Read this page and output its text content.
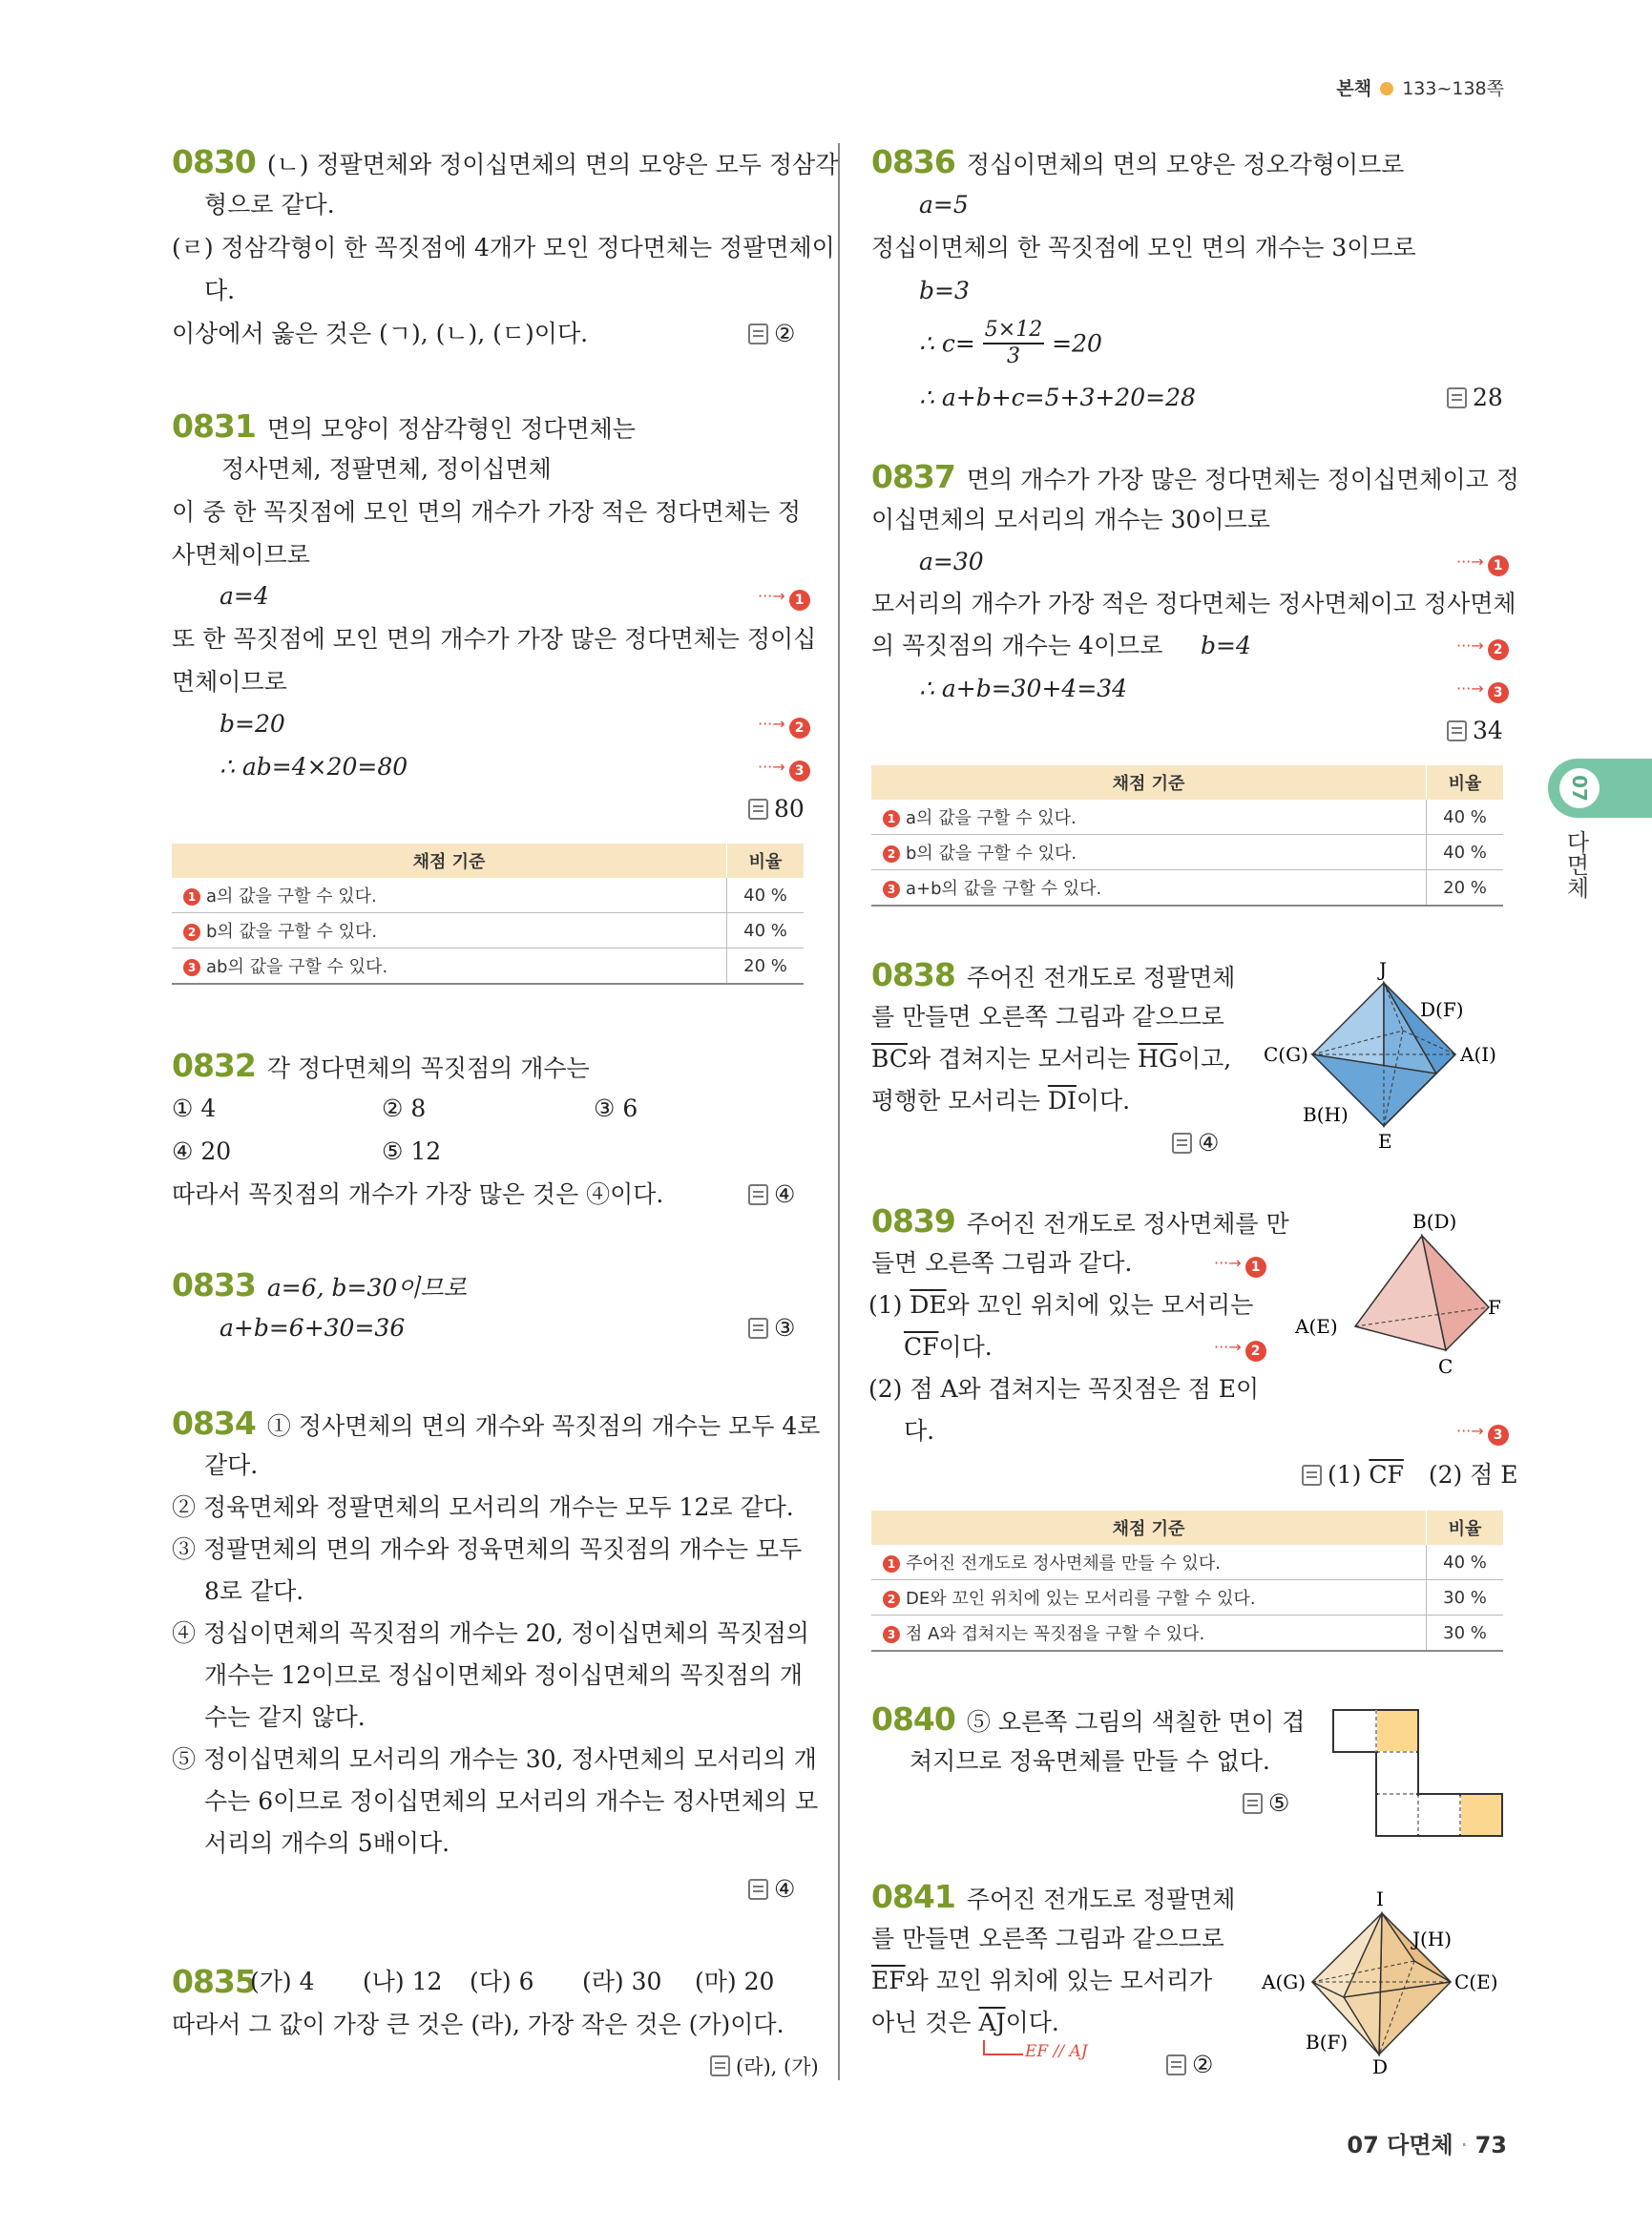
본책 133~138쪽
07
다면체
0830 (ㄴ) 정팔면체와 정이십면체의 면의 모양은 모두 정삼각
형으로 같다.
(ㄹ) 정삼각형이 한 꼭짓점에 4개가 모인 정다면체는 정팔면체이
다.
이상에서 옳은 것은 (ㄱ), (ㄴ), (ㄷ)이다.	②
0831 면의 모양이 정삼각형인 정다면체는
정사면체, 정팔면체, 정이십면체
이 중 한 꼭짓점에 모인 면의 개수가 가장 적은 정다면체는 정
사면체이므로
a=4	···→ 1
또 한 꼭짓점에 모인 면의 개수가 가장 많은 정다면체는 정이십
면체이므로
b=20	···→ 2
∴ ab=4×20=80	···→ 3
80
채점 기준	비율
1 a의 값을 구할 수 있다.	40 %
2 b의 값을 구할 수 있다.	40 %
3 ab의 값을 구할 수 있다.	20 %
0832 각 정다면체의 꼭짓점의 개수는
① 4	② 8	③ 6
④ 20	⑤ 12
따라서 꼭짓점의 개수가 가장 많은 것은 ④이다.	④
0833 a=6, b=30이므로
a+b=6+30=36	③
0834 ① 정사면체의 면의 개수와 꼭짓점의 개수는 모두 4로
같다.
② 정육면체와 정팔면체의 모서리의 개수는 모두 12로 같다.
③ 정팔면체의 면의 개수와 정육면체의 꼭짓점의 개수는 모두
8로 같다.
④ 정십이면체의 꼭짓점의 개수는 20, 정이십면체의 꼭짓점의
개수는 12이므로 정십이면체와 정이십면체의 꼭짓점의 개
수는 같지 않다.
⑤ 정이십면체의 모서리의 개수는 30, 정사면체의 모서리의 개
수는 6이므로 정이십면체의 모서리의 개수는 정사면체의 모
서리의 개수의 5배이다.
④
0835
(가) 4 (나) 12 (다) 6 (라) 30 (마) 20
따라서 그 값이 가장 큰 것은 (라), 가장 작은 것은 (가)이다.
(라), (가)
0836 정십이면체의 면의 모양은 정오각형이므로
a=5
정십이면체의 한 꼭짓점에 모인 면의 개수는 3이므로
b=3
∴ $c= \frac{5\times 12}{3} =20$
∴ a+b+c=5+3+20=28	28
0837 면의 개수가 가장 많은 정다면체는 정이십면체이고 정
이십면체의 모서리의 개수는 30이므로
a=30	···→ 1
모서리의 개수가 가장 적은 정다면체는 정사면체이고 정사면체
의 꼭짓점의 개수는 4이므로 b=4	···→ 2
∴ a+b=30+4=34	···→ 3
34
채점 기준	비율
1 a의 값을 구할 수 있다.	40 %
2 b의 값을 구할 수 있다.	40 %
3 a+b의 값을 구할 수 있다.	20 %
0838 주어진 전개도로 정팔면체
를 만들면 오른쪽 그림과 같으므로
$\overline{BC}$와 겹쳐지는 모서리는 $\overline{HG}$이고,
평행한 모서리는 $\overline{DI}$이다.
④
J
D(F)
C(G)	A(I)
B(H)
E
0839 주어진 전개도로 정사면체를 만
들면 오른쪽 그림과 같다.	···→ 1
(1) $\overline{DE}$와 꼬인 위치에 있는 모서리는
$\overline{CF}$이다.	···→ 2
(2) 점 A와 겹쳐지는 꼭짓점은 점 E이
다.	···→ 3
(1) $\overline{CF}$ (2) 점 E
B(D)
F
A(E)
C
채점 기준	비율
1 주어진 전개도로 정사면체를 만들 수 있다.	40 %
2 DE와 꼬인 위치에 있는 모서리를 구할 수 있다.	30 %
3 점 A와 겹쳐지는 꼭짓점을 구할 수 있다.	30 %
0840 ⑤ 오른쪽 그림의 색칠한 면이 겹
쳐지므로 정육면체를 만들 수 없다.
⑤
0841 주어진 전개도로 정팔면체
를 만들면 오른쪽 그림과 같으므로
$\overline{EF}$와 꼬인 위치에 있는 모서리가
아닌 것은 $\overline{AJ}$이다.
EF // AJ	②
I
J(H)
A(G)	C(E)
B(F)
D
07 다면체 · 73
